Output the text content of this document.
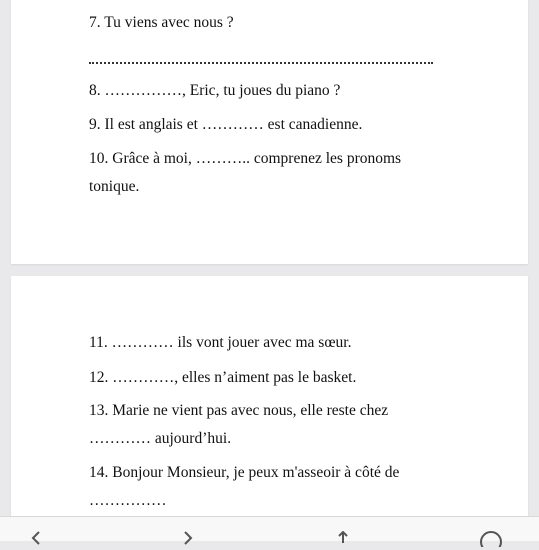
7. Tu viens avec nous ?
8. ……………, Eric, tu joues du piano ?
9. Il est anglais et ………… est canadienne.
10. Grâce à moi, ……….. comprenez les pronoms
tonique.
11. ………… ils vont jouer avec ma sœur.
12. …………, elles n’aiment pas le basket.
13. Marie ne vient pas avec nous, elle reste chez
………… aujourd’hui.
14. Bonjour Monsieur, je peux m'asseoir à côté de
……………
